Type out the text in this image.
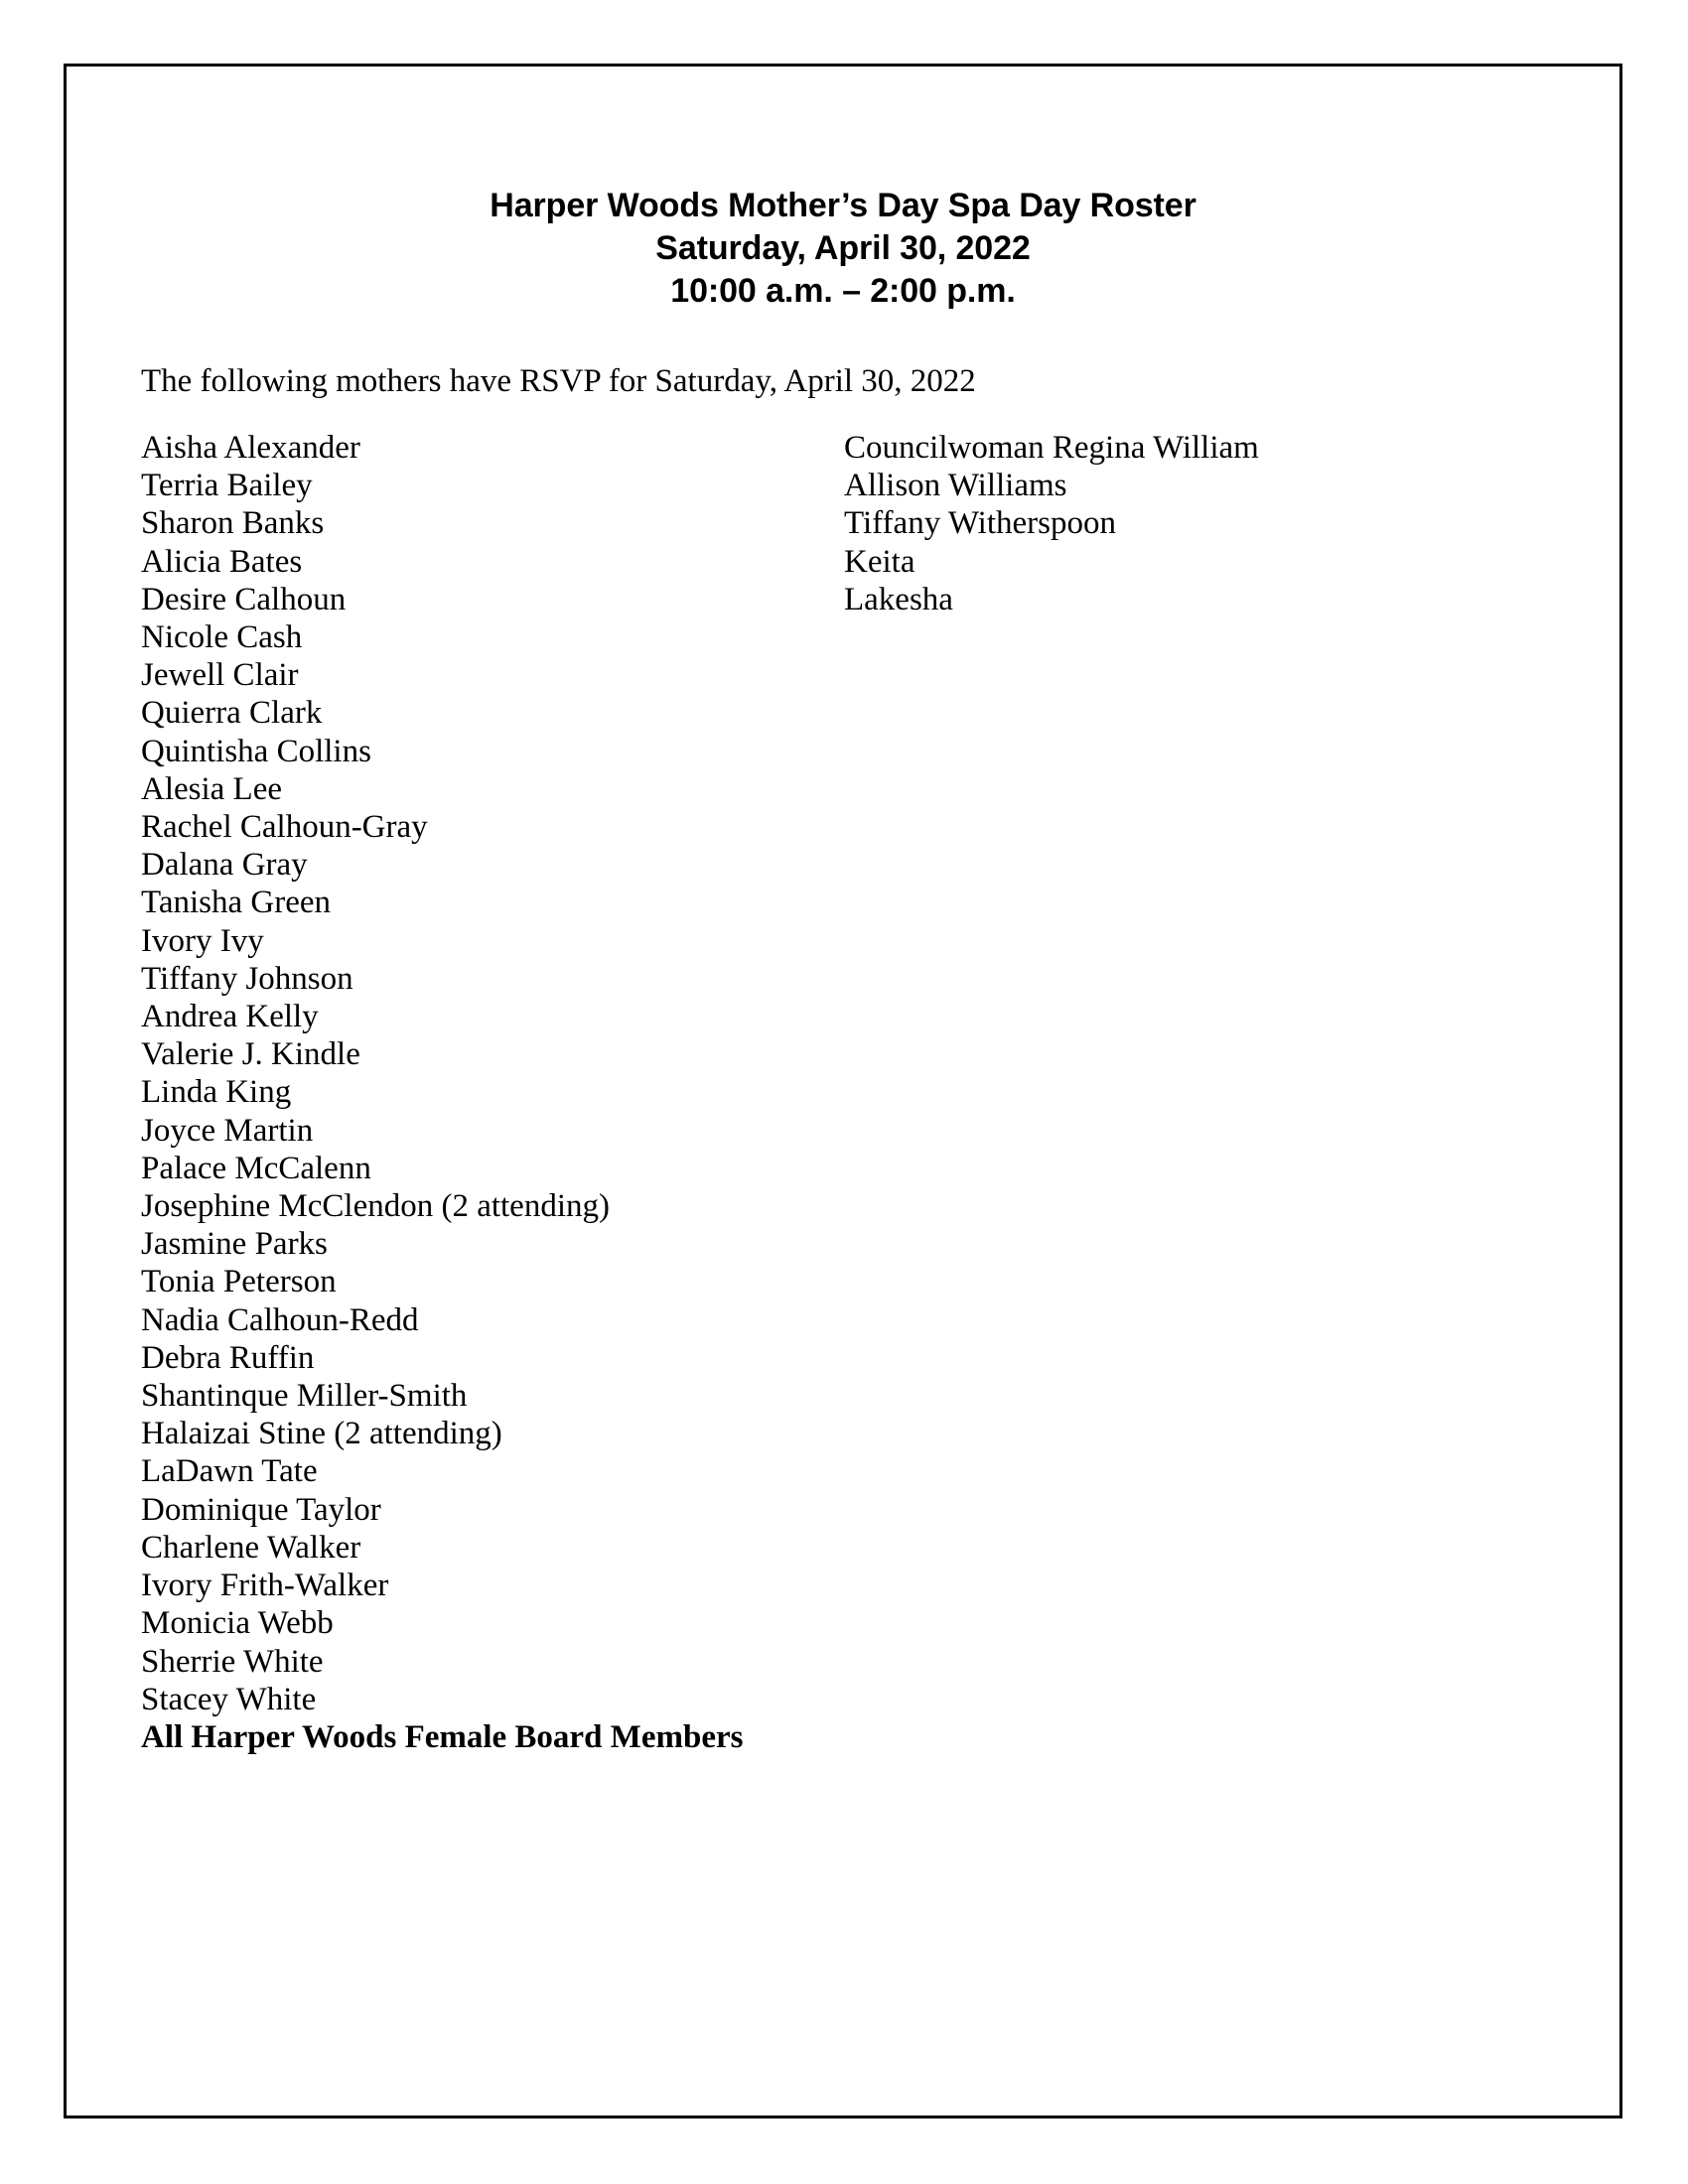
Harper Woods Mother’s Day Spa Day Roster
Saturday, April 30, 2022
10:00 a.m. – 2:00 p.m.
The following mothers have RSVP for Saturday, April 30, 2022
Aisha Alexander
Terria Bailey
Sharon Banks
Alicia Bates
Desire Calhoun
Nicole Cash
Jewell Clair
Quierra Clark
Quintisha Collins
Alesia Lee
Rachel Calhoun-Gray
Dalana Gray
Tanisha Green
Ivory Ivy
Tiffany Johnson
Andrea Kelly
Valerie J. Kindle
Linda King
Joyce Martin
Palace McCalenn
Josephine McClendon (2 attending)
Jasmine Parks
Tonia Peterson
Nadia Calhoun-Redd
Debra Ruffin
Shantinque Miller-Smith
Halaizai Stine (2 attending)
LaDawn Tate
Dominique Taylor
Charlene Walker
Ivory Frith-Walker
Monicia Webb
Sherrie White
Stacey White
All Harper Woods Female Board Members
Councilwoman Regina William
Allison Williams
Tiffany Witherspoon
Keita
Lakesha
